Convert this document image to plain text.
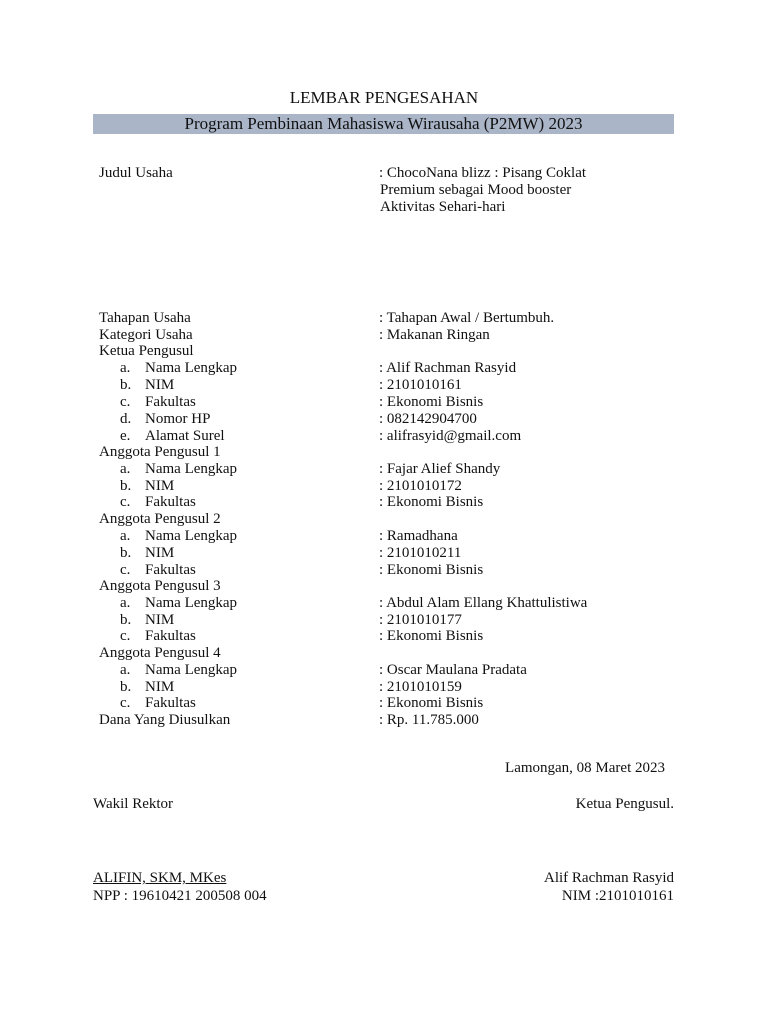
LEMBAR PENGESAHAN
Program Pembinaan Mahasiswa Wirausaha (P2MW) 2023
Judul Usaha	: ChocoNana blizz : Pisang Coklat
Premium sebagai Mood booster
Aktivitas Sehari-hari
Tahapan Usaha	: Tahapan Awal / Bertumbuh.
Kategori Usaha	: Makanan Ringan
Ketua Pengusul
a. Nama Lengkap	: Alif Rachman Rasyid
b. NIM	: 2101010161
c. Fakultas	: Ekonomi Bisnis
d. Nomor HP	: 082142904700
e. Alamat Surel	: alifrasyid@gmail.com
Anggota Pengusul 1
a. Nama Lengkap	: Fajar Alief Shandy
b. NIM	: 2101010172
c. Fakultas	: Ekonomi Bisnis
Anggota Pengusul 2
a. Nama Lengkap	: Ramadhana
b. NIM	: 2101010211
c. Fakultas	: Ekonomi Bisnis
Anggota Pengusul 3
a. Nama Lengkap	: Abdul Alam Ellang Khattulistiwa
b. NIM	: 2101010177
c. Fakultas	: Ekonomi Bisnis
Anggota Pengusul 4
a. Nama Lengkap	: Oscar Maulana Pradata
b. NIM	: 2101010159
c. Fakultas	: Ekonomi Bisnis
Dana Yang Diusulkan	: Rp. 11.785.000
Lamongan, 08 Maret 2023
Wakil Rektor	Ketua Pengusul.
ALIFIN, SKM, MKes
NPP : 19610421 200508 004
Alif Rachman Rasyid
NIM :2101010161
